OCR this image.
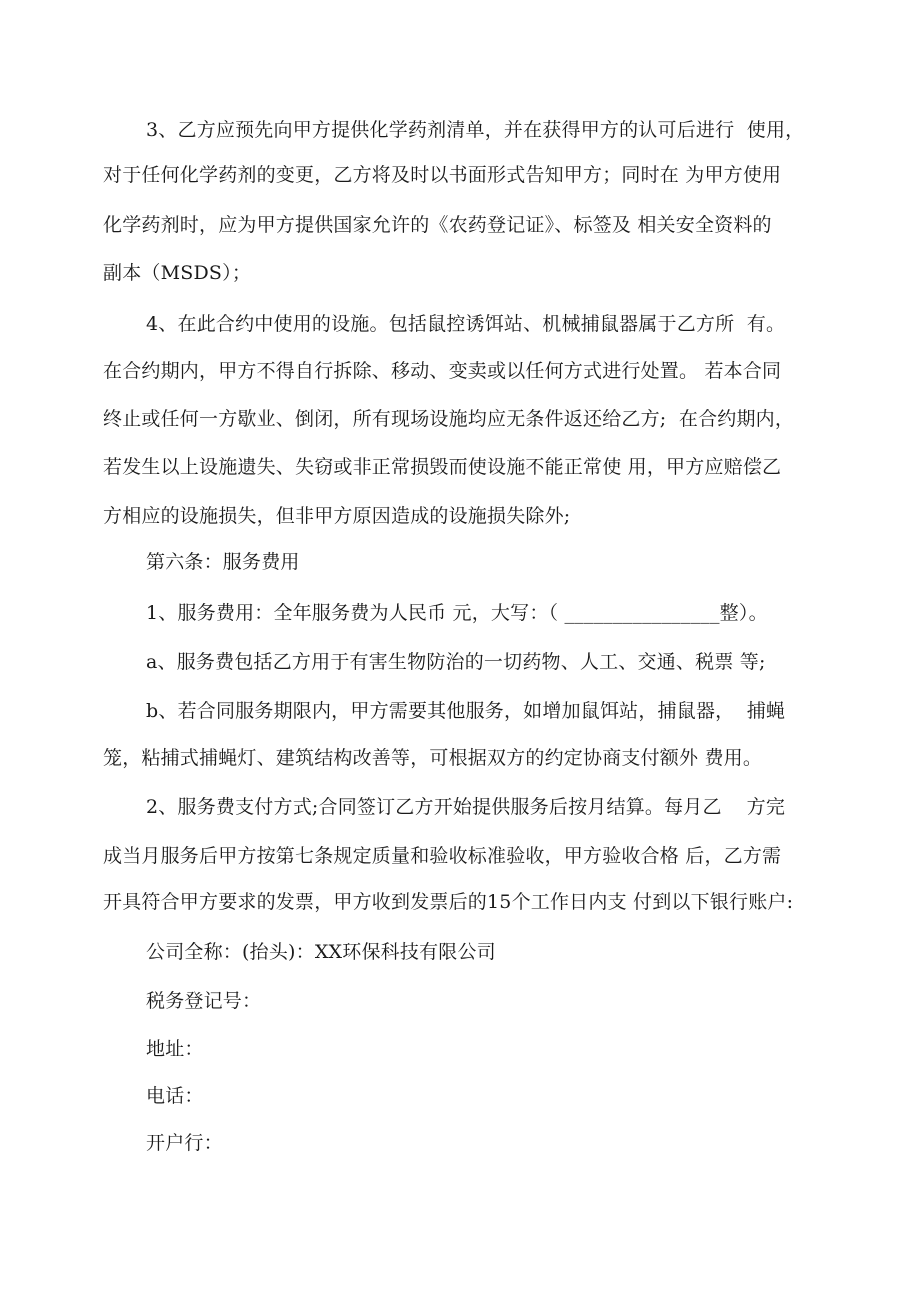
3、乙方应预先向甲方提供化学药剂清单，并在获得甲方的认可后进行  使用，
对于任何化学药剂的变更，乙方将及时以书面形式告知甲方；同时在 为甲方使用
化学药剂时，应为甲方提供国家允许的《农药登记证》、标签及 相关安全资料的
副本（MSDS）；
4、在此合约中使用的设施。包括鼠控诱饵站、机械捕鼠器属于乙方所  有。
在合约期内，甲方不得自行拆除、移动、变卖或以任何方式进行处置。 若本合同
终止或任何一方歇业、倒闭，所有现场设施均应无条件返还给乙方;  在合约期内，
若发生以上设施遗失、失窃或非正常损毁而使设施不能正常使 用，甲方应赔偿乙
方相应的设施损失，但非甲方原因造成的设施损失除外;
第六条：服务费用
1、服务费用：全年服务费为人民币 元，大写：（ ________________整）。
a、服务费包括乙方用于有害生物防治的一切药物、人工、交通、税票 等;
b、若合同服务期限内，甲方需要其他服务，如增加鼠饵站，捕鼠器，  捕蝇
笼，粘捕式捕蝇灯、建筑结构改善等，可根据双方的约定协商支付额外 费用。
2、服务费支付方式;合同签订乙方开始提供服务后按月结算。每月乙    方完
成当月服务后甲方按第七条规定质量和验收标准验收，甲方验收合格 后，乙方需
开具符合甲方要求的发票，甲方收到发票后的15个工作日内支 付到以下银行账户:
公司全称：(抬头)：XX环保科技有限公司
税务登记号：
地址：
电话：
开户行：
